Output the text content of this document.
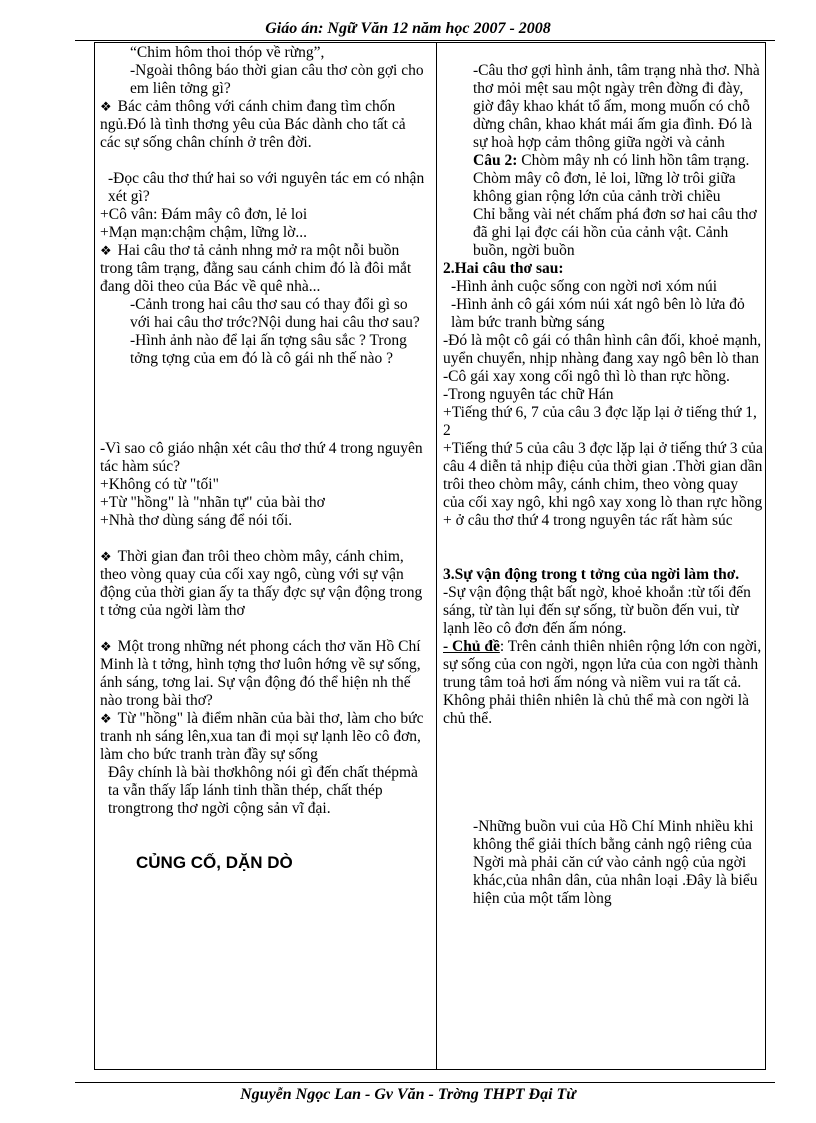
Giáo án: Ngữ Văn 12 năm học 2007 - 2008

“Chim hôm thoi thóp về rừng”,

-Ngoài thông báo thời gian câu thơ còn gợi cho em liên tởng gì?

❖ Bác cảm thông với cánh chim đang tìm chốn ngủ.Đó là tình thơng yêu của Bác dành cho tất cả các sự sống chân chính ở trên đời.

-Đọc câu thơ thứ hai so với nguyên tác em có nhận xét gì?

+Cô vân: Đám mây cô đơn, lẻ loi

+Mạn mạn:chậm chậm, lững lờ...

❖ Hai câu thơ tả cảnh nhng mở ra một nỗi buồn trong tâm trạng, đằng sau cánh chim đó là đôi mắt đang dõi theo của Bác về quê nhà...

-Cảnh trong hai câu thơ sau có thay đổi gì so với hai câu thơ trớc?Nội dung hai câu thơ sau?

-Hình ảnh nào để lại ấn tợng sâu sắc ? Trong tởng tợng của em đó là cô gái nh thế nào ?

-Vì sao cô giáo nhận xét câu thơ thứ 4 trong nguyên tác hàm súc?

+Không có từ "tối"

+Từ "hồng" là "nhãn tự" của bài thơ

+Nhà thơ dùng sáng để nói tối.

❖ Thời gian đan trôi theo chòm mây, cánh chim, theo vòng quay của cối xay ngô, cùng với sự vận động của thời gian ấy ta thấy đợc sự vận động trong t tởng của ngời làm thơ

❖ Một trong những nét phong cách thơ văn Hồ Chí Minh là t tởng, hình tợng thơ luôn hớng về sự sống, ánh sáng, tơng lai. Sự vận động đó thể hiện nh thế nào trong bài thơ?

❖ Từ "hồng" là điểm nhãn của bài thơ, làm cho bức tranh nh sáng lên,xua tan đi mọi sự lạnh lẽo cô đơn, làm cho bức tranh tràn đầy sự sống

Đây chính là bài thơkhông nói gì đến chất thépmà ta vẫn thấy lấp lánh tinh thần thép, chất thép trongtrong thơ ngời cộng sản vĩ đại.

CỦNG CỐ, DẶN DÒ

-Câu thơ gợi hình ảnh, tâm trạng nhà thơ. Nhà thơ mỏi mệt sau một ngày trên đờng đi đày, giờ đây khao khát tổ ấm, mong muốn có chỗ dừng chân, khao khát mái ấm gia đình. Đó là sự hoà hợp cảm thông giữa ngời và cảnh

Câu 2: Chòm mây nh có linh hồn tâm trạng. Chòm mây cô đơn, lẻ loi, lững lờ trôi giữa không gian rộng lớn của cảnh trời chiều

Chỉ bằng vài nét chấm phá đơn sơ hai câu thơ đã ghi lại đợc cái hồn của cảnh vật. Cảnh buồn, ngời buồn

2.Hai câu thơ sau:

-Hình ảnh cuộc sống con ngời nơi xóm núi

-Hình ảnh cô gái xóm núi xát ngô bên lò lửa đỏ làm bức tranh bừng sáng

-Đó là một cô gái có thân hình cân đối, khoẻ mạnh, uyển chuyển, nhịp nhàng đang xay ngô bên lò than

-Cô gái xay xong cối ngô thì lò than rực hồng.

-Trong nguyên tác chữ Hán

+Tiếng thứ 6, 7 của câu 3 đợc lặp lại ở tiếng thứ 1, 2

+Tiếng thứ 5 của câu 3 đợc lặp lại ở tiếng thứ 3 của câu 4 diễn tả nhịp điệu của thời gian .Thời gian dần trôi theo chòm mây, cánh chim, theo vòng quay của cối xay ngô, khi ngô xay xong lò than rực hồng

+ ở câu thơ thứ 4 trong nguyên tác rất hàm súc

3.Sự vận động trong t tởng của ngời làm thơ.

-Sự vận động thật bất ngờ, khoẻ khoắn :từ tối đến sáng, từ tàn lụi đến sự sống, từ buồn đến vui, từ lạnh lẽo cô đơn đến ấm nóng.

- Chủ đề: Trên cảnh thiên nhiên rộng lớn con ngời, sự sống của con ngời, ngọn lửa của con ngời thành trung tâm toả hơi ấm nóng và niềm vui ra tất cả. Không phải thiên nhiên là chủ thể mà con ngời là chủ thể.

-Những buồn vui của Hồ Chí Minh nhiều khi không thể giải thích bằng cảnh ngộ riêng của Ngời mà phải căn cứ vào cảnh ngộ của ngời khác,của nhân dân, của nhân loại .Đây là biểu hiện của một tấm lòng

Nguyễn Ngọc Lan - Gv Văn - Trờng THPT Đại Từ
